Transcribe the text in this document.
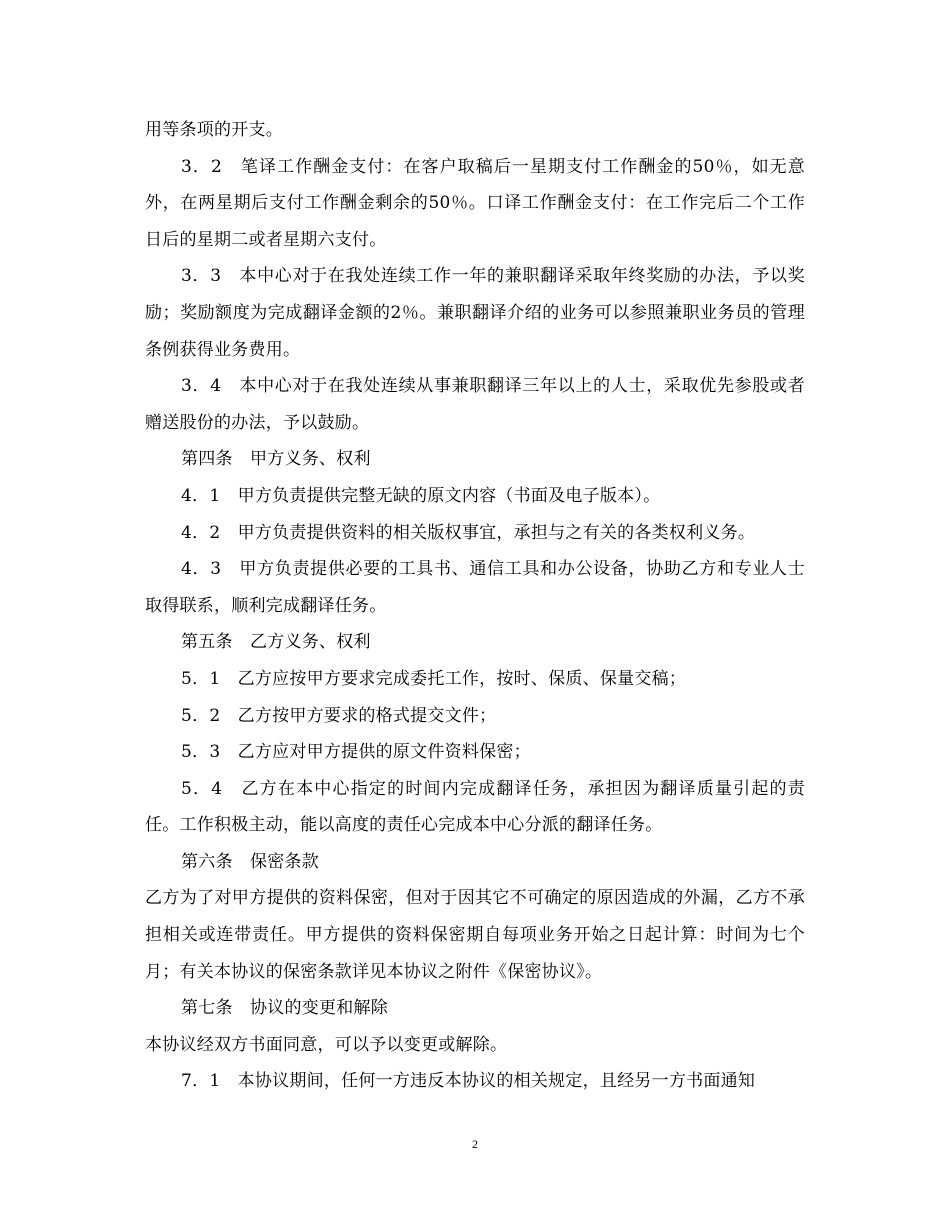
用等条项的开支。

3．2　笔译工作酬金支付：在客户取稿后一星期支付工作酬金的50％，如无意外，在两星期后支付工作酬金剩余的50％。口译工作酬金支付：在工作完后二个工作日后的星期二或者星期六支付。

3．3　本中心对于在我处连续工作一年的兼职翻译采取年终奖励的办法，予以奖励；奖励额度为完成翻译金额的2％。兼职翻译介绍的业务可以参照兼职业务员的管理条例获得业务费用。

3．4　本中心对于在我处连续从事兼职翻译三年以上的人士，采取优先参股或者赠送股份的办法，予以鼓励。

第四条　甲方义务、权利

4．1　甲方负责提供完整无缺的原文内容（书面及电子版本）。

4．2　甲方负责提供资料的相关版权事宜，承担与之有关的各类权利义务。

4．3　甲方负责提供必要的工具书、通信工具和办公设备，协助乙方和专业人士取得联系，顺利完成翻译任务。

第五条　乙方义务、权利

5．1　乙方应按甲方要求完成委托工作，按时、保质、保量交稿；

5．2　乙方按甲方要求的格式提交文件；

5．3　乙方应对甲方提供的原文件资料保密；

5．4　乙方在本中心指定的时间内完成翻译任务，承担因为翻译质量引起的责任。工作积极主动，能以高度的责任心完成本中心分派的翻译任务。

第六条　保密条款

乙方为了对甲方提供的资料保密，但对于因其它不可确定的原因造成的外漏，乙方不承担相关或连带责任。甲方提供的资料保密期自每项业务开始之日起计算：时间为七个月；有关本协议的保密条款详见本协议之附件《保密协议》。

第七条　协议的变更和解除

本协议经双方书面同意，可以予以变更或解除。

7．1　本协议期间，任何一方违反本协议的相关规定，且经另一方书面通知

2
